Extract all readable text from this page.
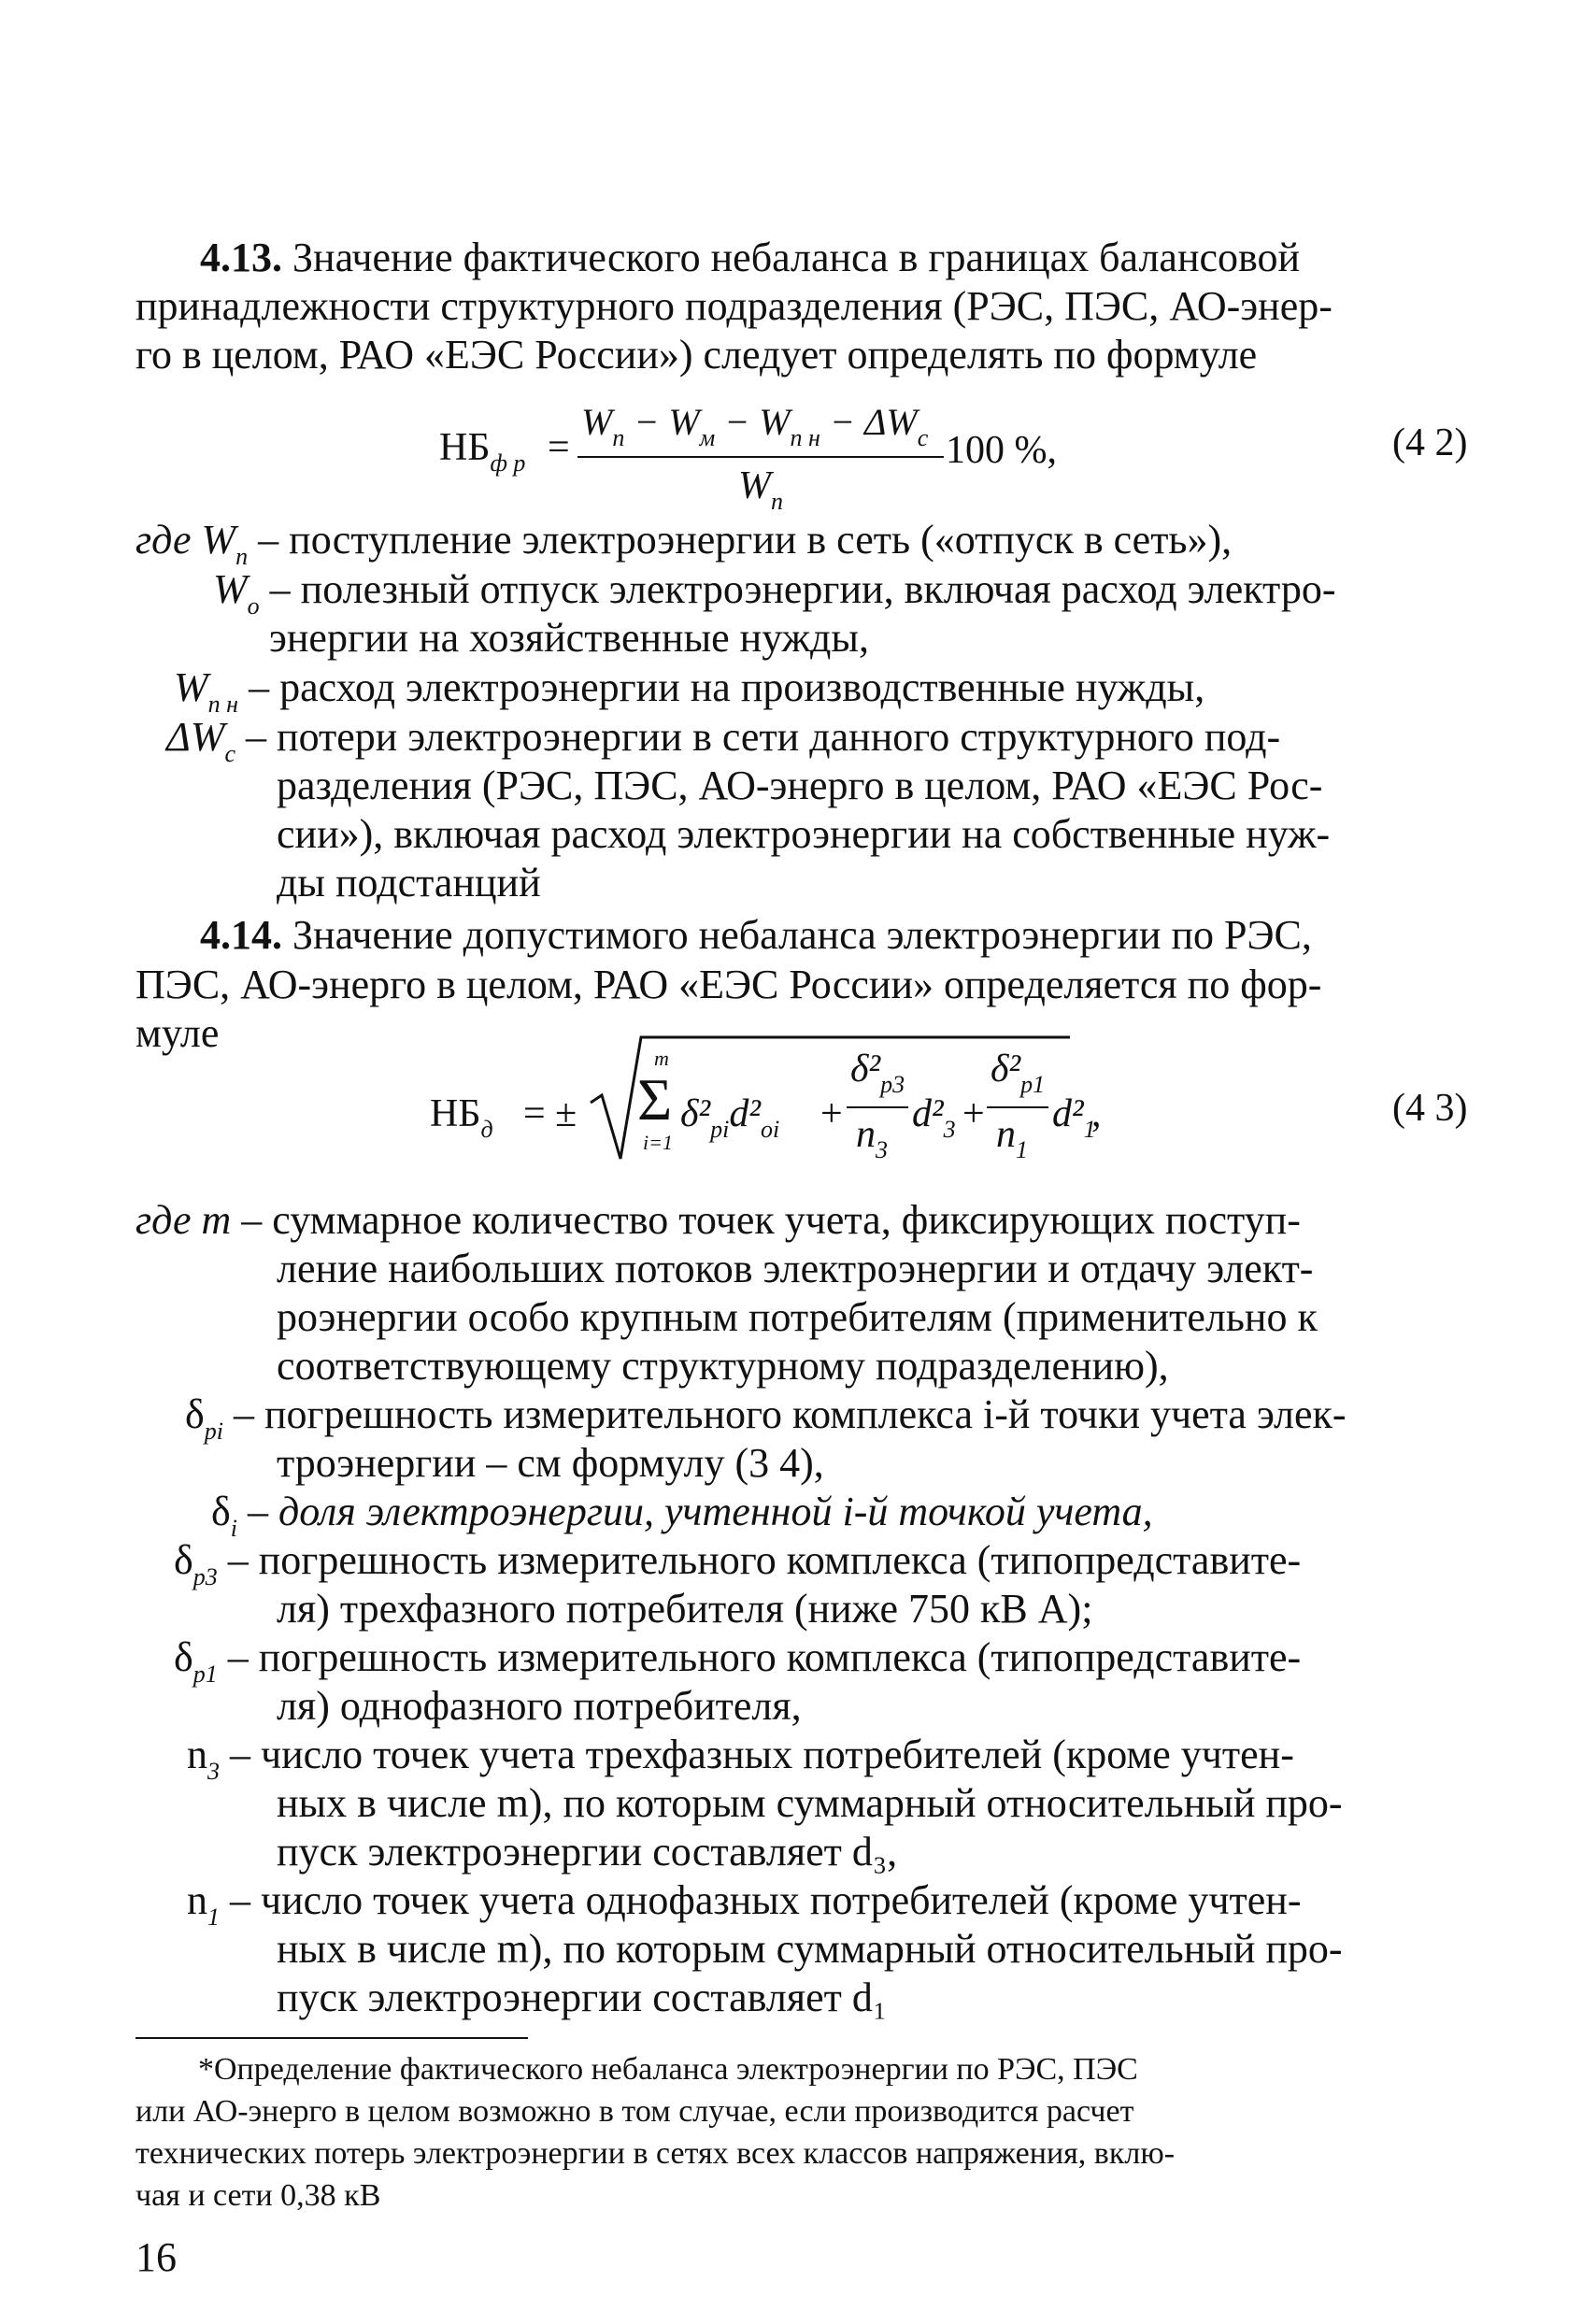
4.13. Значение фактического небаланса в границах балансовой
принадлежности структурного подразделения (РЭС, ПЭС, АО-энер-
го в целом, РАО «ЕЭС России») следует определять по формуле
$НБ_{ф р}$ =
$W_п - W_м - W_{п н} - \Delta W_с$
$W_п$
100 %,	(4 2)
где $W_п$ – поступление электроэнергии в сеть («отпуск в сеть»),
$W_о$ – полезный отпуск электроэнергии, включая расход электро-
энергии на хозяйственные нужды,
$W_{п н}$ – расход электроэнергии на производственные нужды,
$\Delta W_с$ – потери электроэнергии в сети данного структурного под-
разделения (РЭС, ПЭС, АО-энерго в целом, РАО «ЕЭС Рос-
сии»), включая расход электроэнергии на собственные нуж-
ды подстанций
4.14. Значение допустимого небаланса электроэнергии по РЭС,
ПЭС, АО-энерго в целом, РАО «ЕЭС России» определяется по фор-
муле
$НБ_д$ = ±
m
Σ
i=1
$\delta^2_{pi}d^2_{oi}$ +
$\delta^2_{р3}$
$n_3$
$d^2_3$ +
$\delta^2_{р1}$
$n_1$
$d^2_1$
,	(4 3)
где m – суммарное количество точек учета, фиксирующих поступ-
ление наибольших потоков электроэнергии и отдачу элект-
роэнергии особо крупным потребителям (применительно к
соответствующему структурному подразделению),
$\delta_{pi}$ – погрешность измерительного комплекса i-й точки учета элек-
троэнергии – см формулу (3 4),
$\delta_i$ – доля электроэнергии, учтенной i-й точкой учета,
$\delta_{р3}$ – погрешность измерительного комплекса (типопредставите-
ля) трехфазного потребителя (ниже 750 кВ А);
$\delta_{р1}$ – погрешность измерительного комплекса (типопредставите-
ля) однофазного потребителя,
$n_3$ – число точек учета трехфазных потребителей (кроме учтен-
ных в числе m), по которым суммарный относительный про-
пуск электроэнергии составляет d₃,
$n_1$ – число точек учета однофазных потребителей (кроме учтен-
ных в числе m), по которым суммарный относительный про-
пуск электроэнергии составляет d₁
*Определение фактического небаланса электроэнергии по РЭС, ПЭС
или АО-энерго в целом возможно в том случае, если производится расчет
технических потерь электроэнергии в сетях всех классов напряжения, вклю-
чая и сети 0,38 кВ
16
